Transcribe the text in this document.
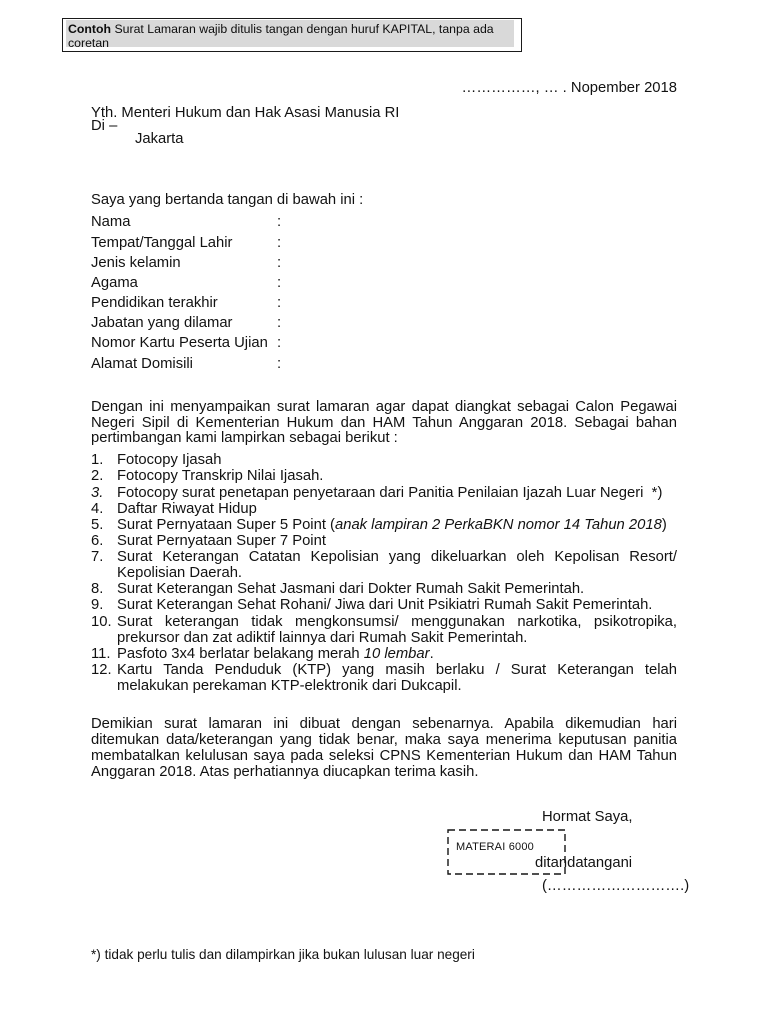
Contoh Surat Lamaran wajib ditulis tangan dengan huruf KAPITAL, tanpa ada
coretan
……………, … . Nopember 2018
Yth. Menteri Hukum dan Hak Asasi Manusia RI
Di –
Jakarta
Saya yang bertanda tangan di bawah ini :
Nama	:
Tempat/Tanggal Lahir	:
Jenis kelamin	:
Agama	:
Pendidikan terakhir	:
Jabatan yang dilamar	:
Nomor Kartu Peserta Ujian :
Alamat Domisili	:
Dengan ini menyampaikan surat lamaran agar dapat diangkat sebagai Calon Pegawai
Negeri Sipil di Kementerian Hukum dan HAM Tahun Anggaran 2018. Sebagai bahan
pertimbangan kami lampirkan sebagai berikut :
1. Fotocopy Ijasah
2. Fotocopy Transkrip Nilai Ijasah.
3. Fotocopy surat penetapan penyetaraan dari Panitia Penilaian Ijazah Luar Negeri  *)
4. Daftar Riwayat Hidup
5. Surat Pernyataan Super 5 Point (anak lampiran 2 PerkaBKN nomor 14 Tahun 2018)
6. Surat Pernyataan Super 7 Point
7. Surat Keterangan Catatan Kepolisian yang dikeluarkan oleh Kepolisan Resort/
Kepolisian Daerah.
8. Surat Keterangan Sehat Jasmani dari Dokter Rumah Sakit Pemerintah.
9. Surat Keterangan Sehat Rohani/ Jiwa dari Unit Psikiatri Rumah Sakit Pemerintah.
10. Surat keterangan tidak mengkonsumsi/ menggunakan narkotika, psikotropika,
prekursor dan zat adiktif lainnya dari Rumah Sakit Pemerintah.
11. Pasfoto 3x4 berlatar belakang merah 10 lembar.
12. Kartu Tanda Penduduk (KTP) yang masih berlaku / Surat Keterangan telah
melakukan perekaman KTP-elektronik dari Dukcapil.
Demikian surat lamaran ini dibuat dengan sebenarnya. Apabila dikemudian hari
ditemukan data/keterangan yang tidak benar, maka saya menerima keputusan panitia
membatalkan kelulusan saya pada seleksi CPNS Kementerian Hukum dan HAM Tahun
Anggaran 2018. Atas perhatiannya diucapkan terima kasih.
Hormat Saya,
MATERAI 6000
ditandatangani
(……………………….)
*) tidak perlu tulis dan dilampirkan jika bukan lulusan luar negeri
